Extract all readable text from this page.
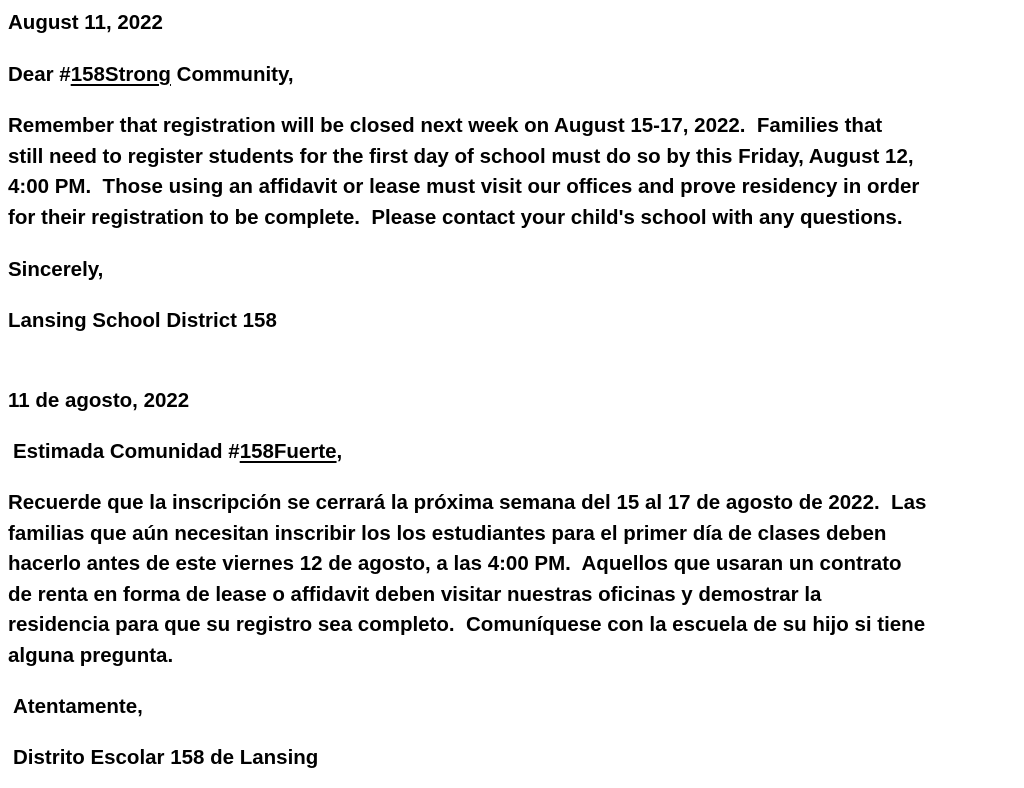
August 11, 2022

Dear #158Strong Community,

Remember that registration will be closed next week on August 15-17, 2022.  Families that
still need to register students for the first day of school must do so by this Friday, August 12,
4:00 PM.  Those using an affidavit or lease must visit our offices and prove residency in order
for their registration to be complete.  Please contact your child's school with any questions.

Sincerely,

Lansing School District 158

11 de agosto, 2022

Estimada Comunidad #158Fuerte,

Recuerde que la inscripción se cerrará la próxima semana del 15 al 17 de agosto de 2022.  Las
familias que aún necesitan inscribir los los estudiantes para el primer día de clases deben
hacerlo antes de este viernes 12 de agosto, a las 4:00 PM.  Aquellos que usaran un contrato
de renta en forma de lease o affidavit deben visitar nuestras oficinas y demostrar la
residencia para que su registro sea completo.  Comuníquese con la escuela de su hijo si tiene
alguna pregunta.

Atentamente,

Distrito Escolar 158 de Lansing
